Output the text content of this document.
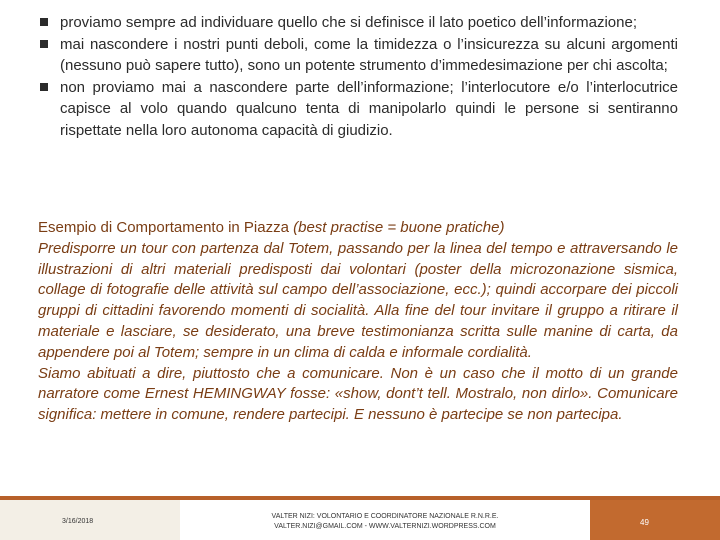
proviamo sempre ad individuare quello che si definisce il lato poetico dell’informazione;
mai nascondere i nostri punti deboli, come la timidezza o l’insicurezza su alcuni argomenti (nessuno può sapere tutto), sono un potente strumento d’immedesimazione per chi ascolta;
non proviamo mai a nascondere parte dell’informazione; l’interlocutore e/o l’interlocutrice capisce al volo quando qualcuno tenta di manipolarlo quindi le persone si sentiranno rispettate nella loro autonoma capacità di giudizio.

Esempio di Comportamento in Piazza (best practise = buone pratiche)
Predisporre un tour con partenza dal Totem, passando per la linea del tempo e attraversando le illustrazioni di altri materiali predisposti dai volontari (poster della microzonazione sismica, collage di fotografie delle attività sul campo dell’associazione, ecc.); quindi accorpare dei piccoli gruppi di cittadini favorendo momenti di socialità. Alla fine del tour invitare il gruppo a ritirare il materiale e lasciare, se desiderato, una breve testimonianza scritta sulle manine di carta, da appendere poi al Totem; sempre in un clima di calda e informale cordialità.

Siamo abituati a dire, piuttosto che a comunicare. Non è un caso che il motto di un grande narratore come Ernest HEMINGWAY fosse: «show, dont’t tell. Mostralo, non dirlo». Comunicare significa: mettere in comune, rendere partecipi. E nessuno è partecipe se non partecipa.

3/16/2018
VALTER NIZI: VOLONTARIO E COORDINATORE NAZIONALE R.N.R.E.
VALTER.NIZI@GMAIL.COM - WWW.VALTERNIZI.WORDPRESS.COM	49
